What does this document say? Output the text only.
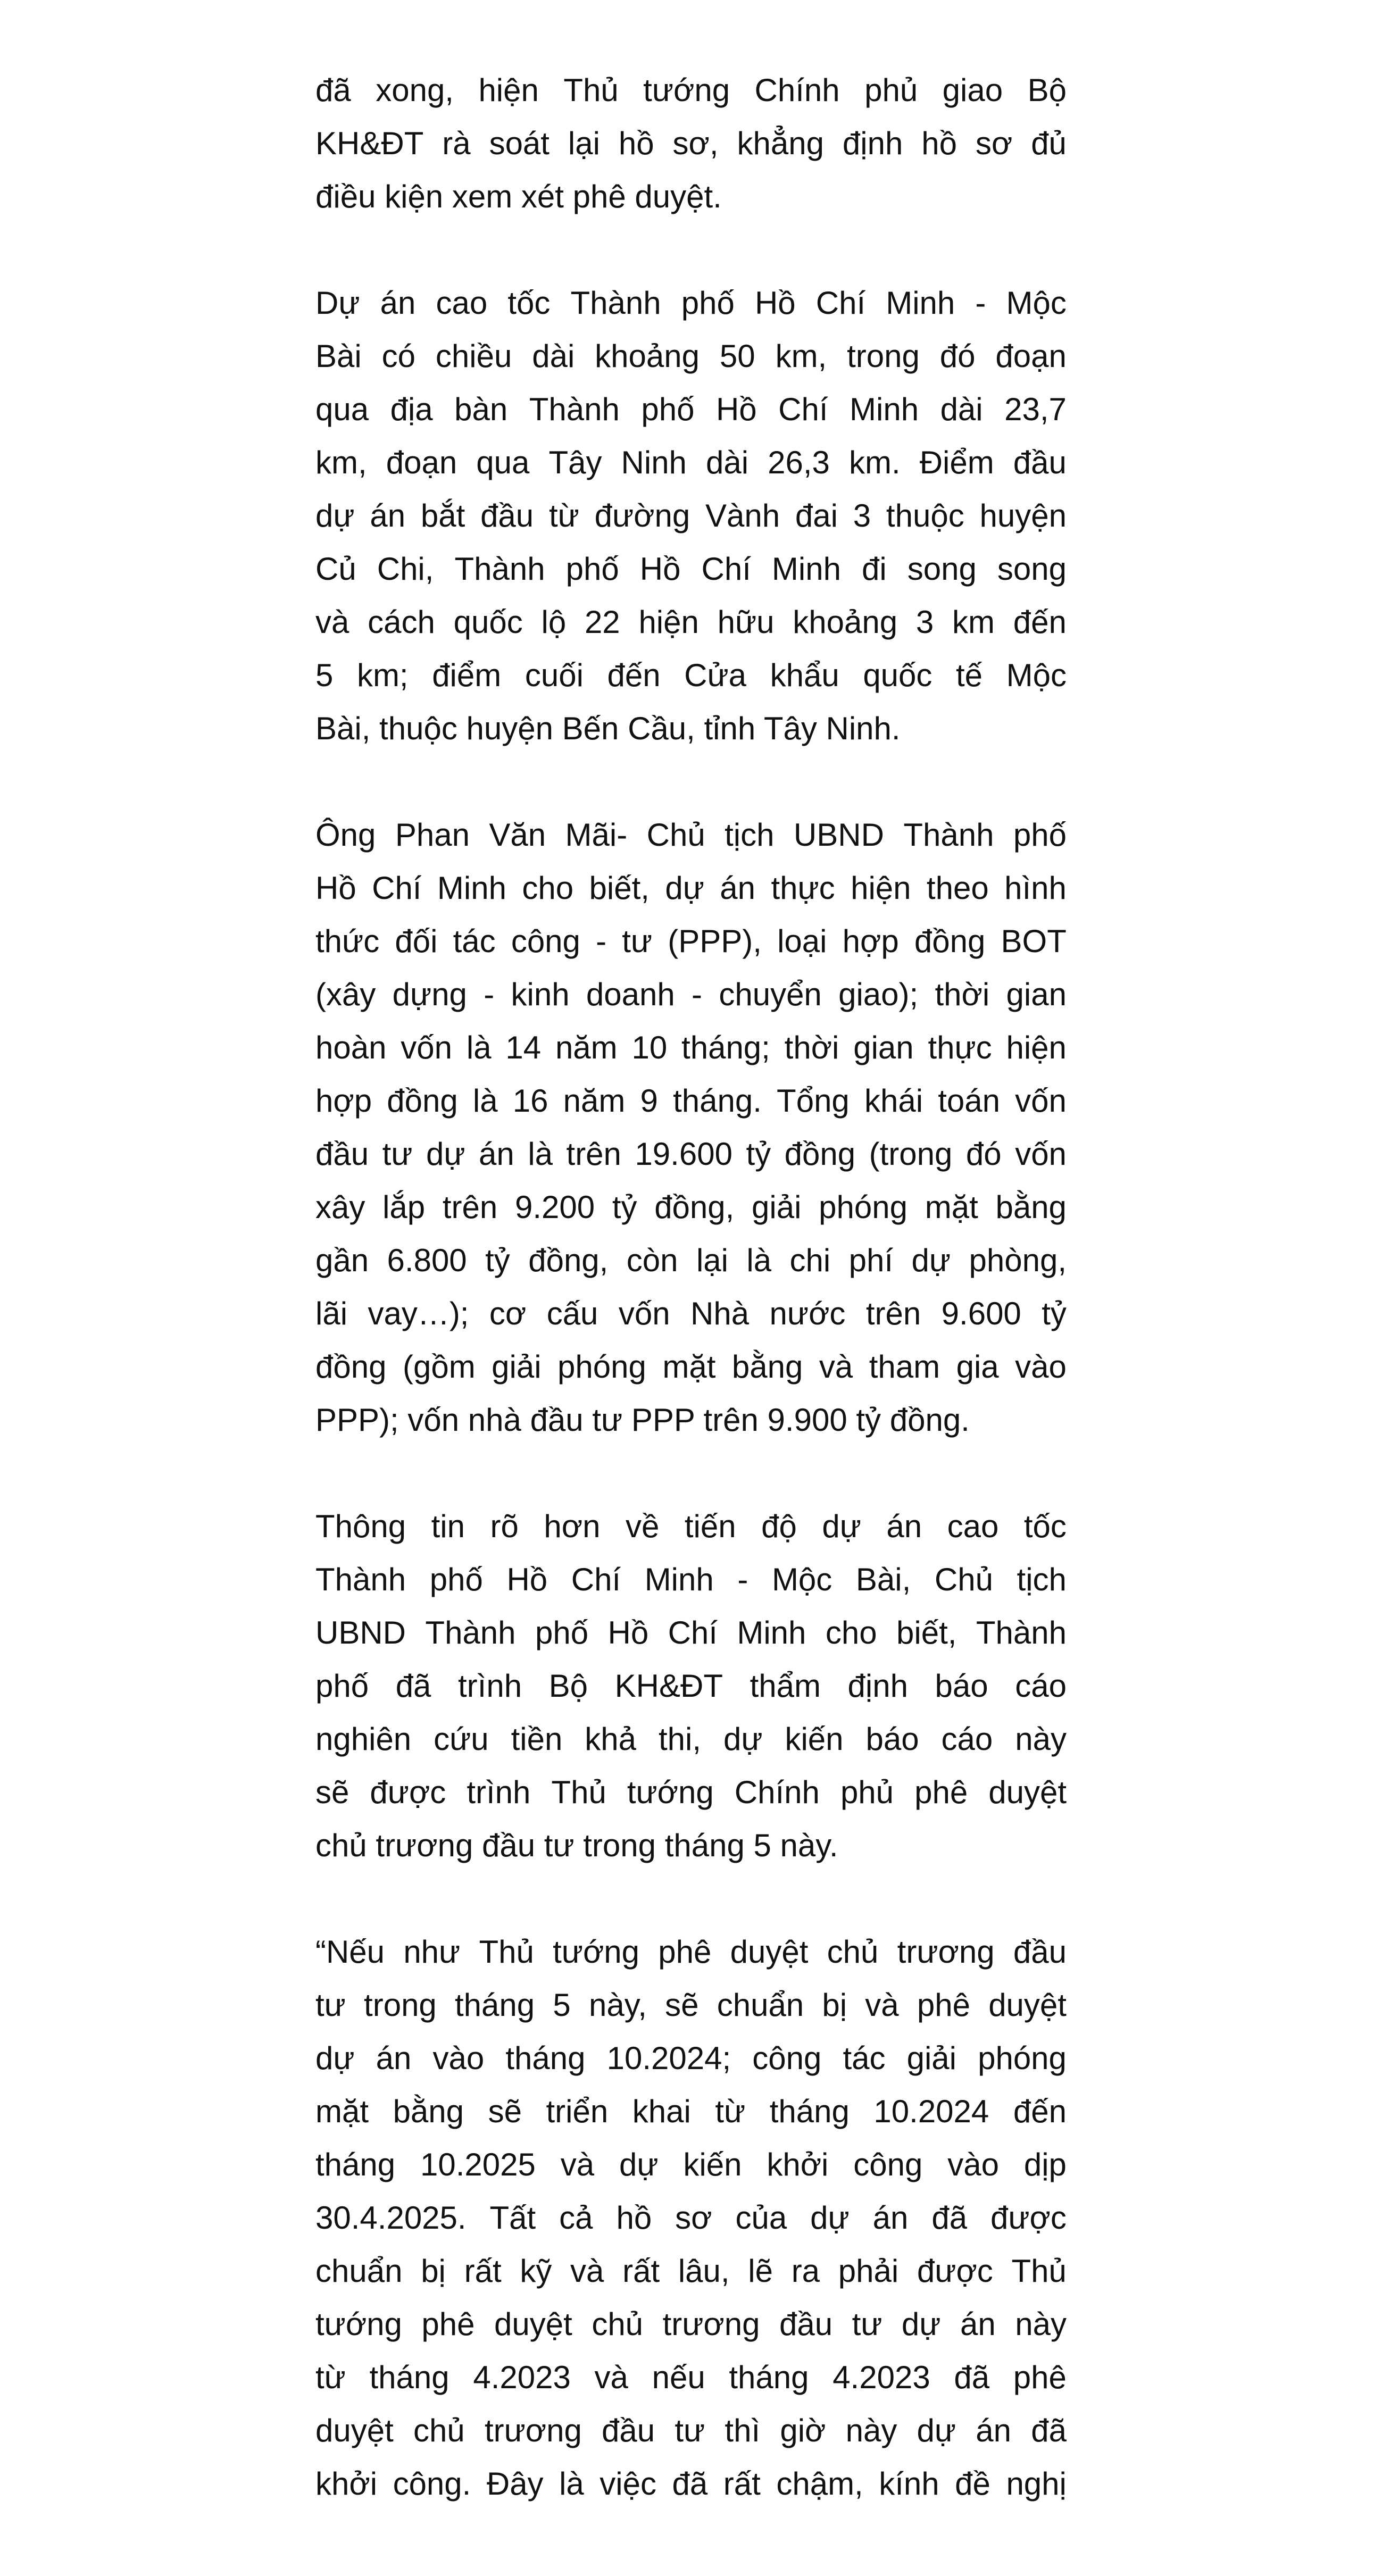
đã xong, hiện Thủ tướng Chính phủ giao Bộ
KH&ĐT rà soát lại hồ sơ, khẳng định hồ sơ đủ
điều kiện xem xét phê duyệt.
Dự án cao tốc Thành phố Hồ Chí Minh - Mộc
Bài có chiều dài khoảng 50 km, trong đó đoạn
qua địa bàn Thành phố Hồ Chí Minh dài 23,7
km, đoạn qua Tây Ninh dài 26,3 km. Điểm đầu
dự án bắt đầu từ đường Vành đai 3 thuộc huyện
Củ Chi, Thành phố Hồ Chí Minh đi song song
và cách quốc lộ 22 hiện hữu khoảng 3 km đến
5 km; điểm cuối đến Cửa khẩu quốc tế Mộc
Bài, thuộc huyện Bến Cầu, tỉnh Tây Ninh.
Ông Phan Văn Mãi- Chủ tịch UBND Thành phố
Hồ Chí Minh cho biết, dự án thực hiện theo hình
thức đối tác công - tư (PPP), loại hợp đồng BOT
(xây dựng - kinh doanh - chuyển giao); thời gian
hoàn vốn là 14 năm 10 tháng; thời gian thực hiện
hợp đồng là 16 năm 9 tháng. Tổng khái toán vốn
đầu tư dự án là trên 19.600 tỷ đồng (trong đó vốn
xây lắp trên 9.200 tỷ đồng, giải phóng mặt bằng
gần 6.800 tỷ đồng, còn lại là chi phí dự phòng,
lãi vay…); cơ cấu vốn Nhà nước trên 9.600 tỷ
đồng (gồm giải phóng mặt bằng và tham gia vào
PPP); vốn nhà đầu tư PPP trên 9.900 tỷ đồng.
Thông tin rõ hơn về tiến độ dự án cao tốc
Thành phố Hồ Chí Minh - Mộc Bài, Chủ tịch
UBND Thành phố Hồ Chí Minh cho biết, Thành
phố đã trình Bộ KH&ĐT thẩm định báo cáo
nghiên cứu tiền khả thi, dự kiến báo cáo này
sẽ được trình Thủ tướng Chính phủ phê duyệt
chủ trương đầu tư trong tháng 5 này.
“Nếu như Thủ tướng phê duyệt chủ trương đầu
tư trong tháng 5 này, sẽ chuẩn bị và phê duyệt
dự án vào tháng 10.2024; công tác giải phóng
mặt bằng sẽ triển khai từ tháng 10.2024 đến
tháng 10.2025 và dự kiến khởi công vào dịp
30.4.2025. Tất cả hồ sơ của dự án đã được
chuẩn bị rất kỹ và rất lâu, lẽ ra phải được Thủ
tướng phê duyệt chủ trương đầu tư dự án này
từ tháng 4.2023 và nếu tháng 4.2023 đã phê
duyệt chủ trương đầu tư thì giờ này dự án đã
khởi công. Đây là việc đã rất chậm, kính đề nghị
